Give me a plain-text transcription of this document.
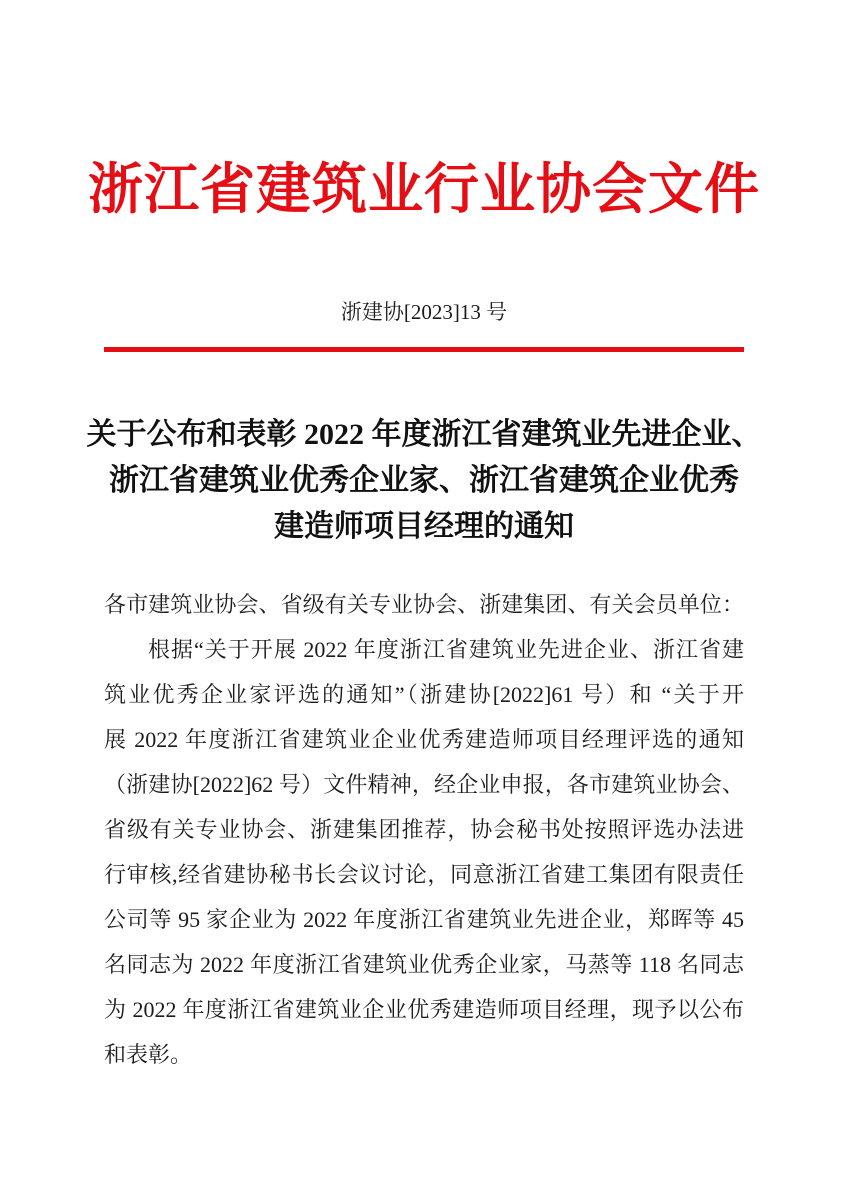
浙江省建筑业行业协会文件
浙建协[2023]13 号
关于公布和表彰 2022 年度浙江省建筑业先进企业、
浙江省建筑业优秀企业家、浙江省建筑企业优秀
建造师项目经理的通知

各市建筑业协会、省级有关专业协会、浙建集团、有关会员单位：

根据“关于开展 2022 年度浙江省建筑业先进企业、浙江省建

筑业优秀企业家评选的通知”（浙建协[2022]61 号）和 “关于开

展 2022 年度浙江省建筑业企业优秀建造师项目经理评选的通知

（浙建协[2022]62 号）文件精神，经企业申报，各市建筑业协会、

省级有关专业协会、浙建集团推荐，协会秘书处按照评选办法进

行审核,经省建协秘书长会议讨论，同意浙江省建工集团有限责任

公司等 95 家企业为 2022 年度浙江省建筑业先进企业，郑晖等 45

名同志为 2022 年度浙江省建筑业优秀企业家，马蒸等 118 名同志

为 2022 年度浙江省建筑业企业优秀建造师项目经理，现予以公布

和表彰。
